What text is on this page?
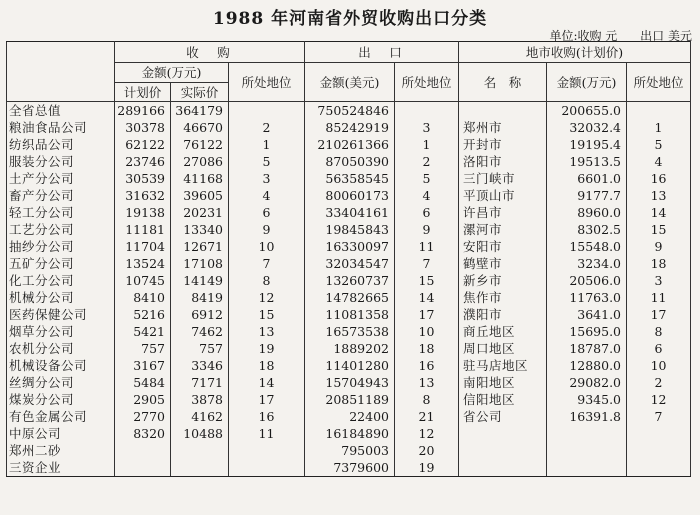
1988 年河南省外贸收购出口分类
单位:收购 元      出口 美元
	收　购			出　口		地市收购(计划价)		
	金额(万元)		所处地位	金额(美元)	所处地位	名　称	金额(万元)	所处地位
	计划价	实际价						
全省总值	289166	364179		750524846			200655.0	
粮油食品公司	30378	46670	2	85242919	3	郑州市	32032.4	1
纺织品公司	62122	76122	1	210261366	1	开封市	19195.4	5
服装分公司	23746	27086	5	87050390	2	洛阳市	19513.5	4
土产分公司	30539	41168	3	56358545	5	三门峡市	6601.0	16
畜产分公司	31632	39605	4	80060173	4	平顶山市	9177.7	13
轻工分公司	19138	20231	6	33404161	6	许昌市	8960.0	14
工艺分公司	11181	13340	9	19845843	9	漯河市	8302.5	15
抽纱分公司	11704	12671	10	16330097	11	安阳市	15548.0	9
五矿分公司	13524	17108	7	32034547	7	鹤壁市	3234.0	18
化工分公司	10745	14149	8	13260737	15	新乡市	20506.0	3
机械分公司	8410	8419	12	14782665	14	焦作市	11763.0	11
医药保健公司	5216	6912	15	11081358	17	濮阳市	3641.0	17
烟草分公司	5421	7462	13	16573538	10	商丘地区	15695.0	8
农机分公司	757	757	19	1889202	18	周口地区	18787.0	6
机械设备公司	3167	3346	18	11401280	16	驻马店地区	12880.0	10
丝绸分公司	5484	7171	14	15704943	13	南阳地区	29082.0	2
煤炭分公司	2905	3878	17	20851189	8	信阳地区	9345.0	12
有色金属公司	2770	4162	16	22400	21	省公司	16391.8	7
中原公司	8320	10488	11	16184890	12			
郑州二砂				795003	20			
三资企业				7379600	19			
